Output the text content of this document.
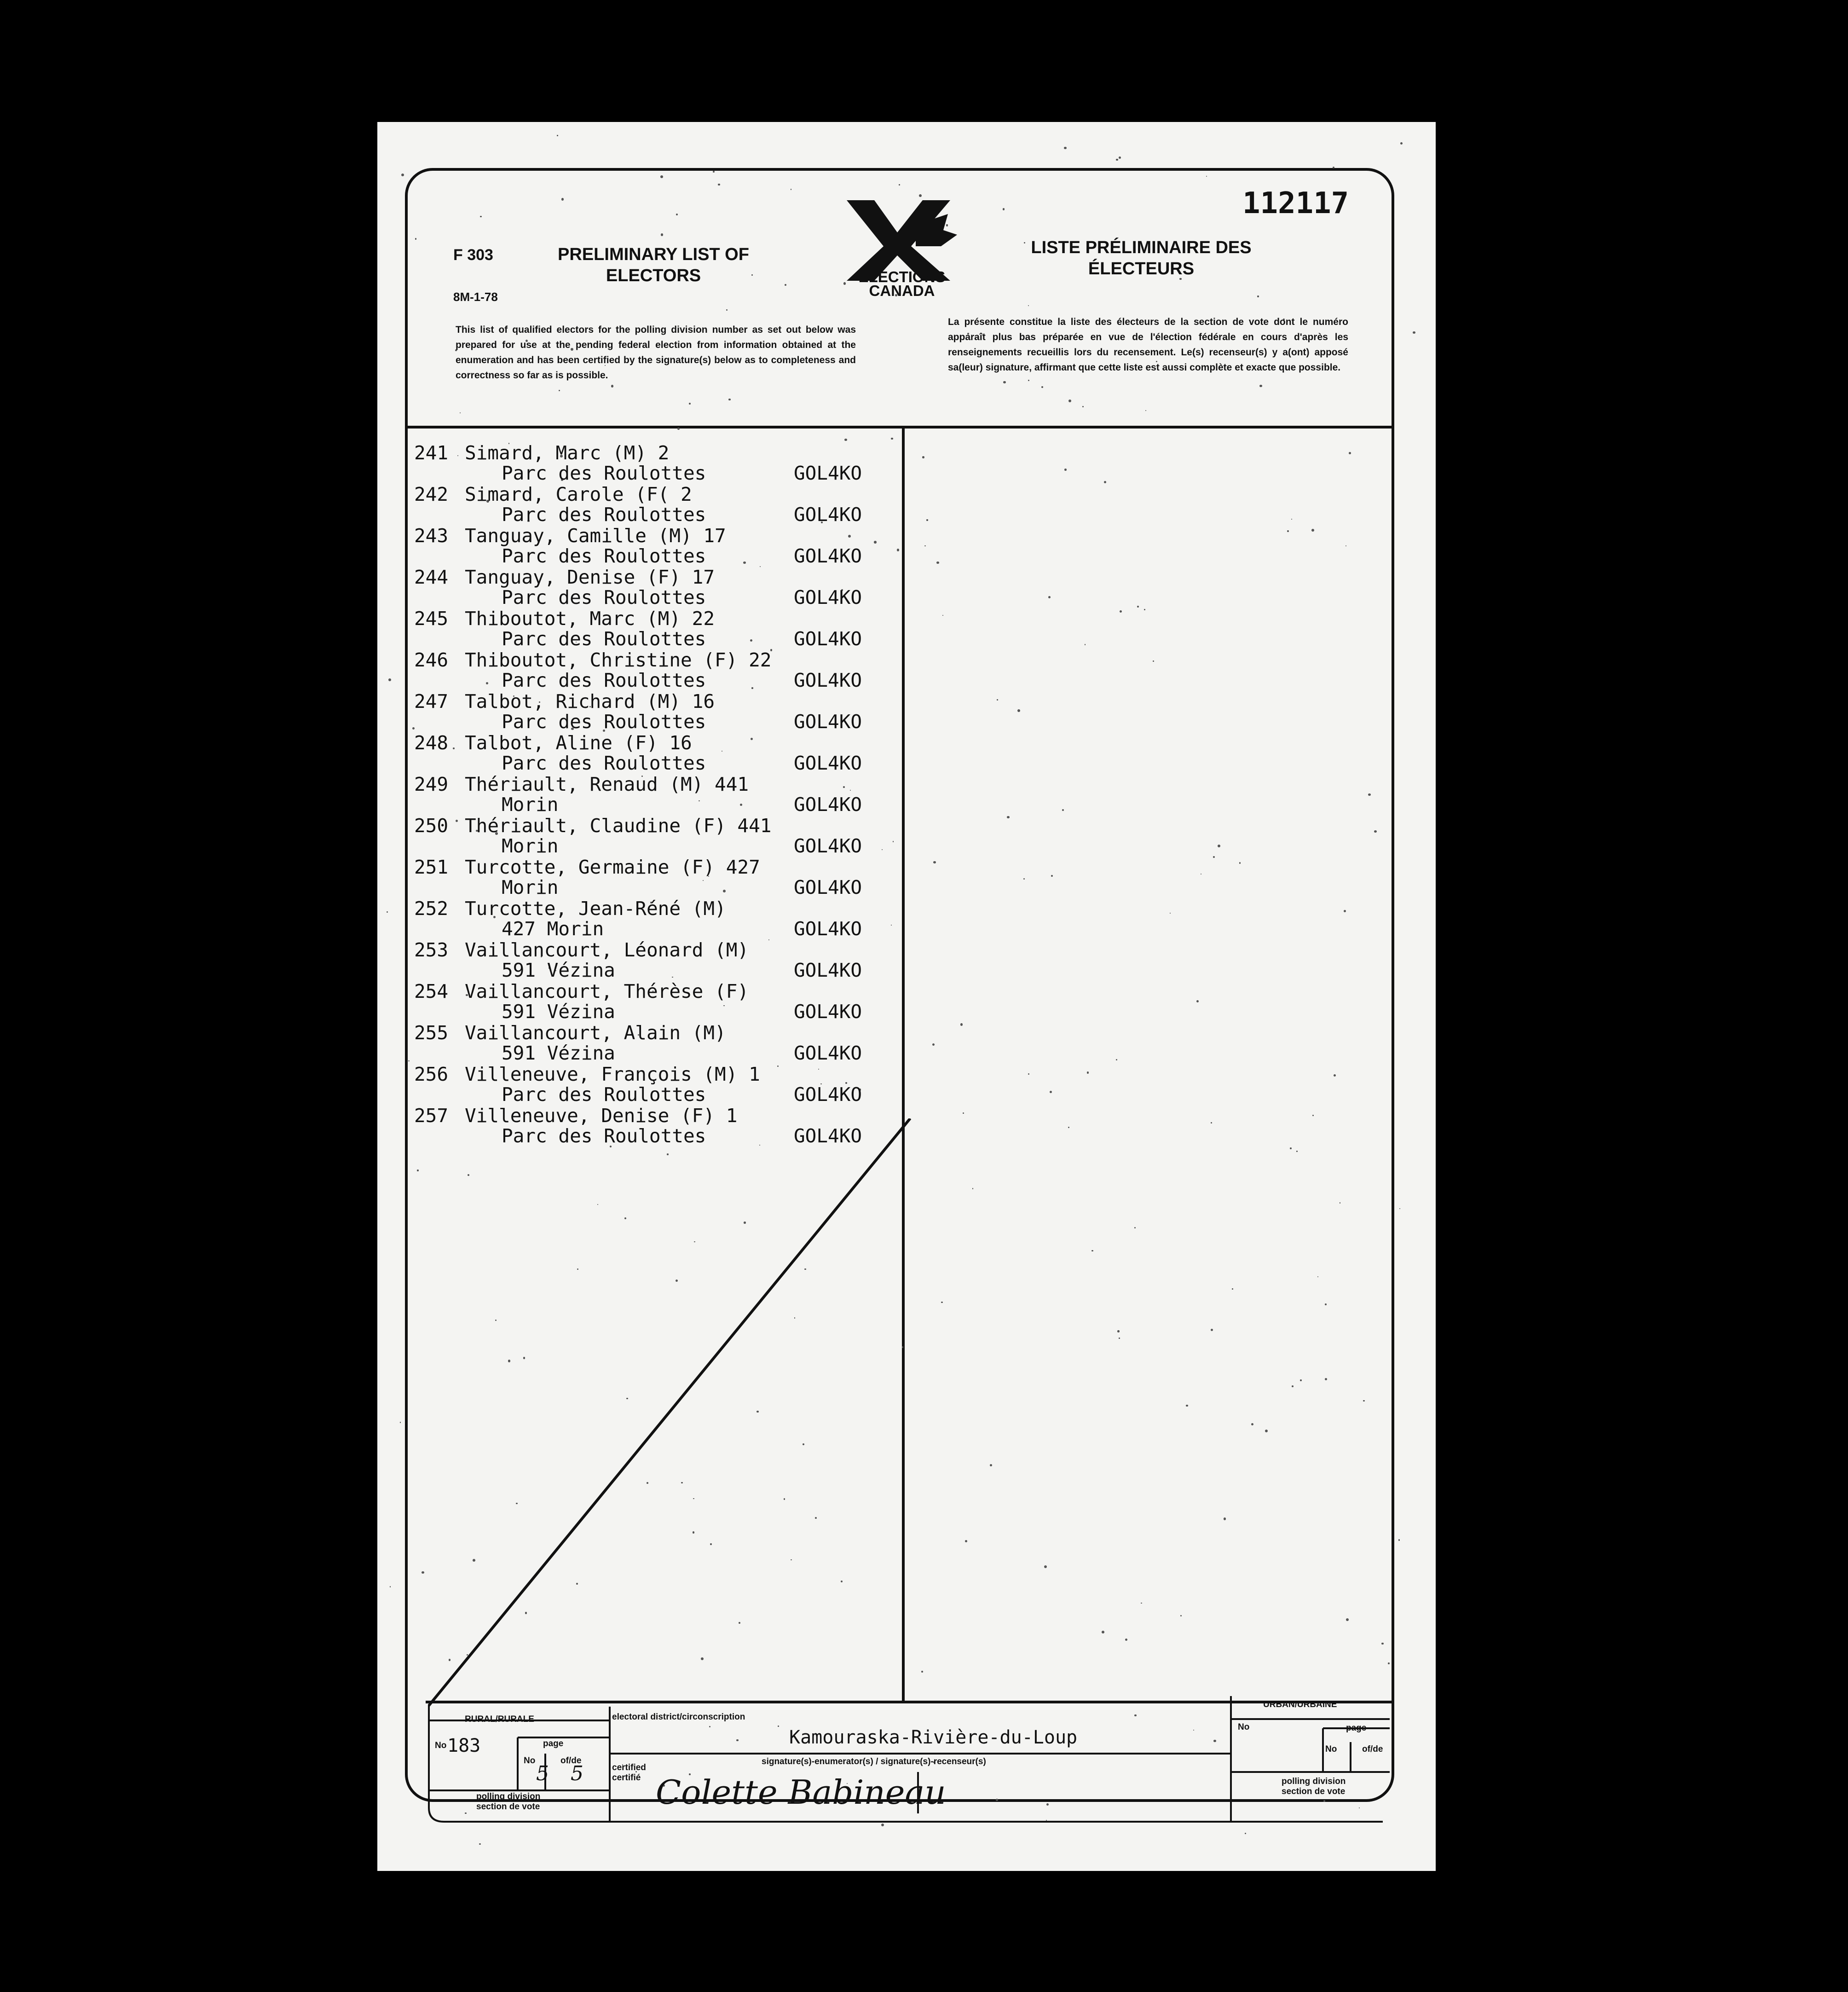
112117
F 303
8M-1-78
PRELIMINARY LIST OF ELECTORS
LISTE PRÉLIMINAIRE DES ÉLECTEURS
ELECTIONS
CANADA
This list of qualified electors for the polling division number as set out below was prepared for use at the pending federal election from information obtained at the enumeration and has been certified by the signature(s) below as to completeness and correctness so far as is possible.
La présente constitue la liste des électeurs de la section de vote dont le numéro apparaît plus bas préparée en vue de l'élection fédérale en cours d'après les renseignements recueillis lors du recensement. Le(s) recenseur(s) y a(ont) apposé sa(leur) signature, affirmant que cette liste est aussi complète et exacte que possible.
241 Simard, Marc (M) 2
Parc des Roulottes	GOL4KO
242 Simard, Carole (F( 2
Parc des Roulottes	GOL4KO
243 Tanguay, Camille (M) 17
Parc des Roulottes	GOL4KO
244 Tanguay, Denise (F) 17
Parc des Roulottes	GOL4KO
245 Thiboutot, Marc (M) 22
Parc des Roulottes	GOL4KO
246 Thiboutot, Christine (F) 22
Parc des Roulottes	GOL4KO
247 Talbot, Richard (M) 16
Parc des Roulottes	GOL4KO
248 Talbot, Aline (F) 16
Parc des Roulottes	GOL4KO
249 Thériault, Renaud (M) 441
Morin	GOL4KO
250 Thériault, Claudine (F) 441
Morin	GOL4KO
251 Turcotte, Germaine (F) 427
Morin	GOL4KO
252 Turcotte, Jean-Réné (M)
427 Morin	GOL4KO
253 Vaillancourt, Léonard (M)
591 Vézina	GOL4KO
254 Vaillancourt, Thérèse (F)
591 Vézina	GOL4KO
255 Vaillancourt, Alain (M)
591 Vézina	GOL4KO
256 Villeneuve, François (M) 1
Parc des Roulottes	GOL4KO
257 Villeneuve, Denise (F) 1
Parc des Roulottes	GOL4KO
RURAL/RURALE
No 183	page
No	of/de
5 5
polling division
section de vote
electoral district/circonscription
Kamouraska-Rivière-du-Loup
certified
certifié
signature(s)-enumerator(s) / signature(s)-recenseur(s)
Colette Babineau
URBAN/URBAINE
No	page
No	of/de
polling division
section de vote
